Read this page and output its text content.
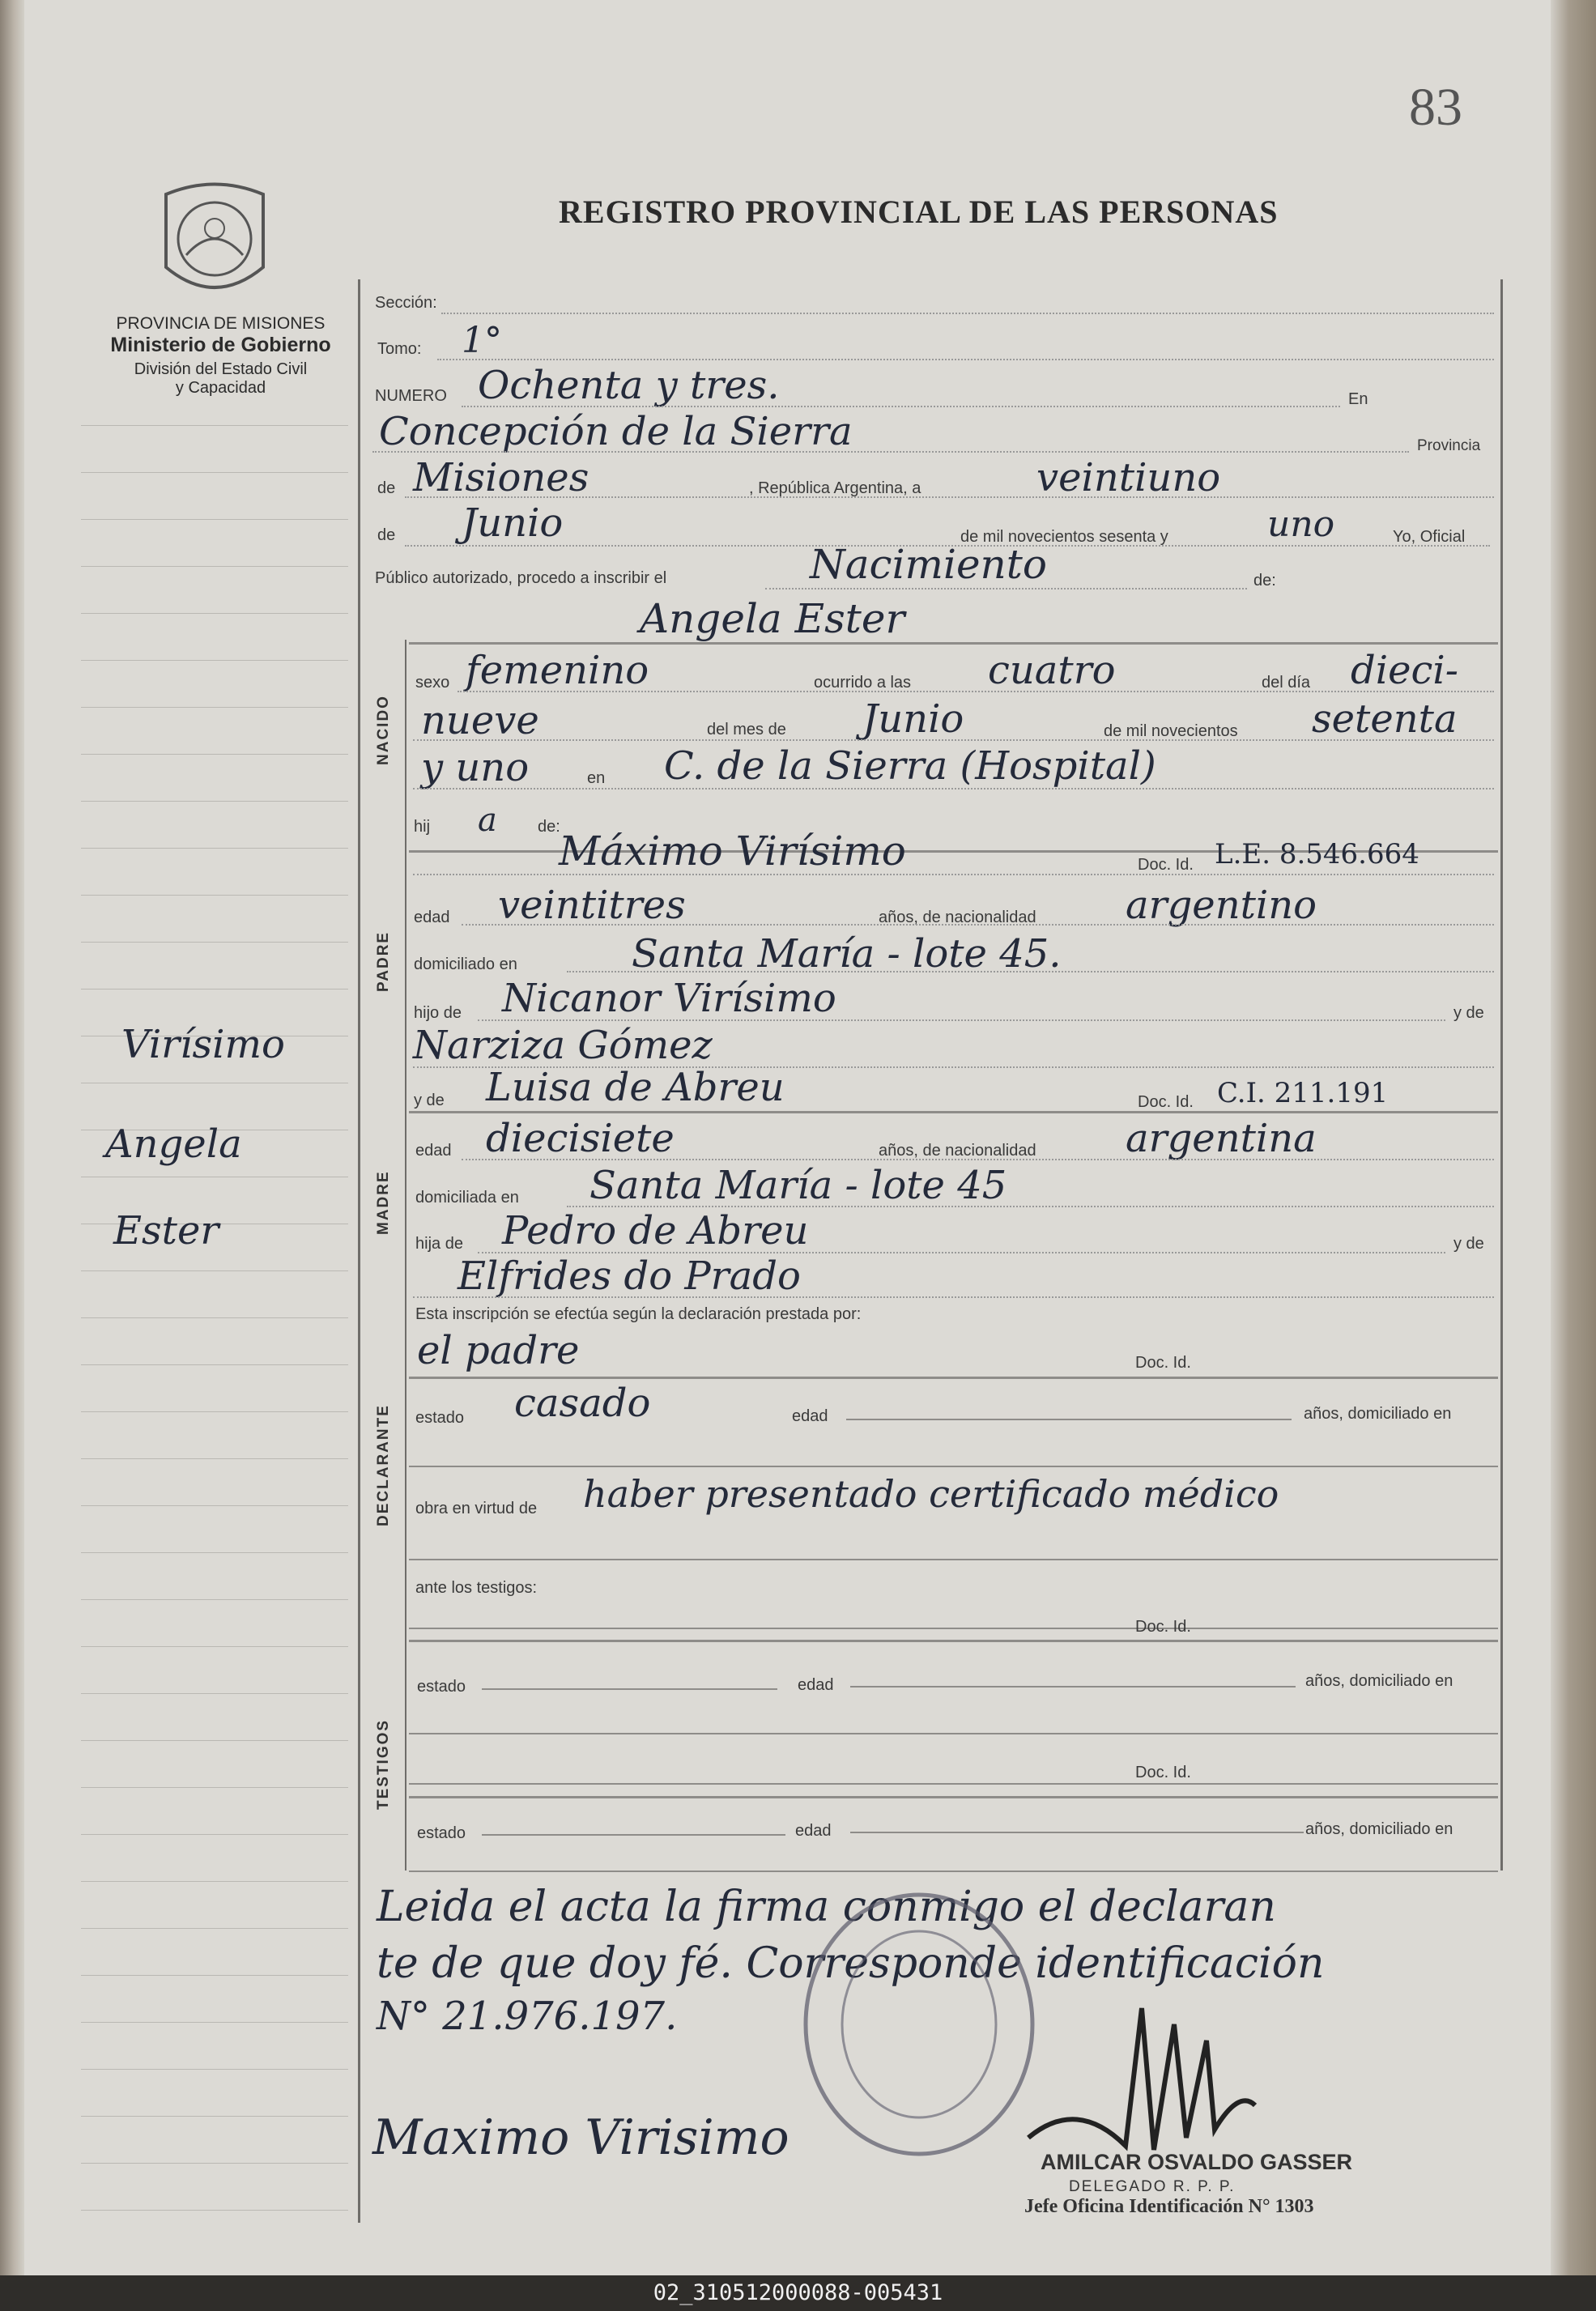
83
REGISTRO PROVINCIAL DE LAS PERSONAS
PROVINCIA DE MISIONES
Ministerio de Gobierno
División del Estado Civil
y Capacidad
Virísimo
Angela
Ester
Sección:
Tomo: 1°
NUMERO Ochenta y tres.	En
Concepción de la Sierra	Provincia
de Misiones	, República Argentina, a	veintiuno
de Junio	de mil novecientos sesenta y	uno	Yo, Oficial
Público autorizado, procedo a inscribir el	Nacimiento	de:
Angela Ester
NACIDO
sexo femenino	ocurrido a las cuatro	del día dieci-
nueve	del mes de Junio	de mil novecientos setenta
y uno	en C. de la Sierra (Hospital)
hij a	de:
Máximo Virísimo	Doc. Id. L.E. 8.546.664
PADRE
edad veintitres	años, de nacionalidad argentino
domiciliado en	Santa María - lote 45.
hijo de Nicanor Virísimo	y de
Narziza Gómez
y de Luisa de Abreu	Doc. Id. C.I. 211.191
MADRE
edad diecisiete	años, de nacionalidad argentina
domiciliada en Santa María - lote 45
hija de Pedro de Abreu	y de
Elfrides do Prado
Esta inscripción se efectúa según la declaración prestada por:
el padre	Doc. Id.
DECLARANTE estado casado	edad	años, domiciliado en
obra en virtud de haber presentado certificado médico
ante los testigos:
Doc. Id.
TESTIGOS
estado	edad	años, domiciliado en
Doc. Id.
estado	edad	años, domiciliado en
Leida el acta la firma conmigo el declaran
te de que doy fé. Corresponde identificación
N° 21.976.197.
Maximo Virisimo	AMILCAR OSVALDO GASSER
DELEGADO R. P. P.
Jefe Oficina Identificación N° 1303
02_310512000088-005431
